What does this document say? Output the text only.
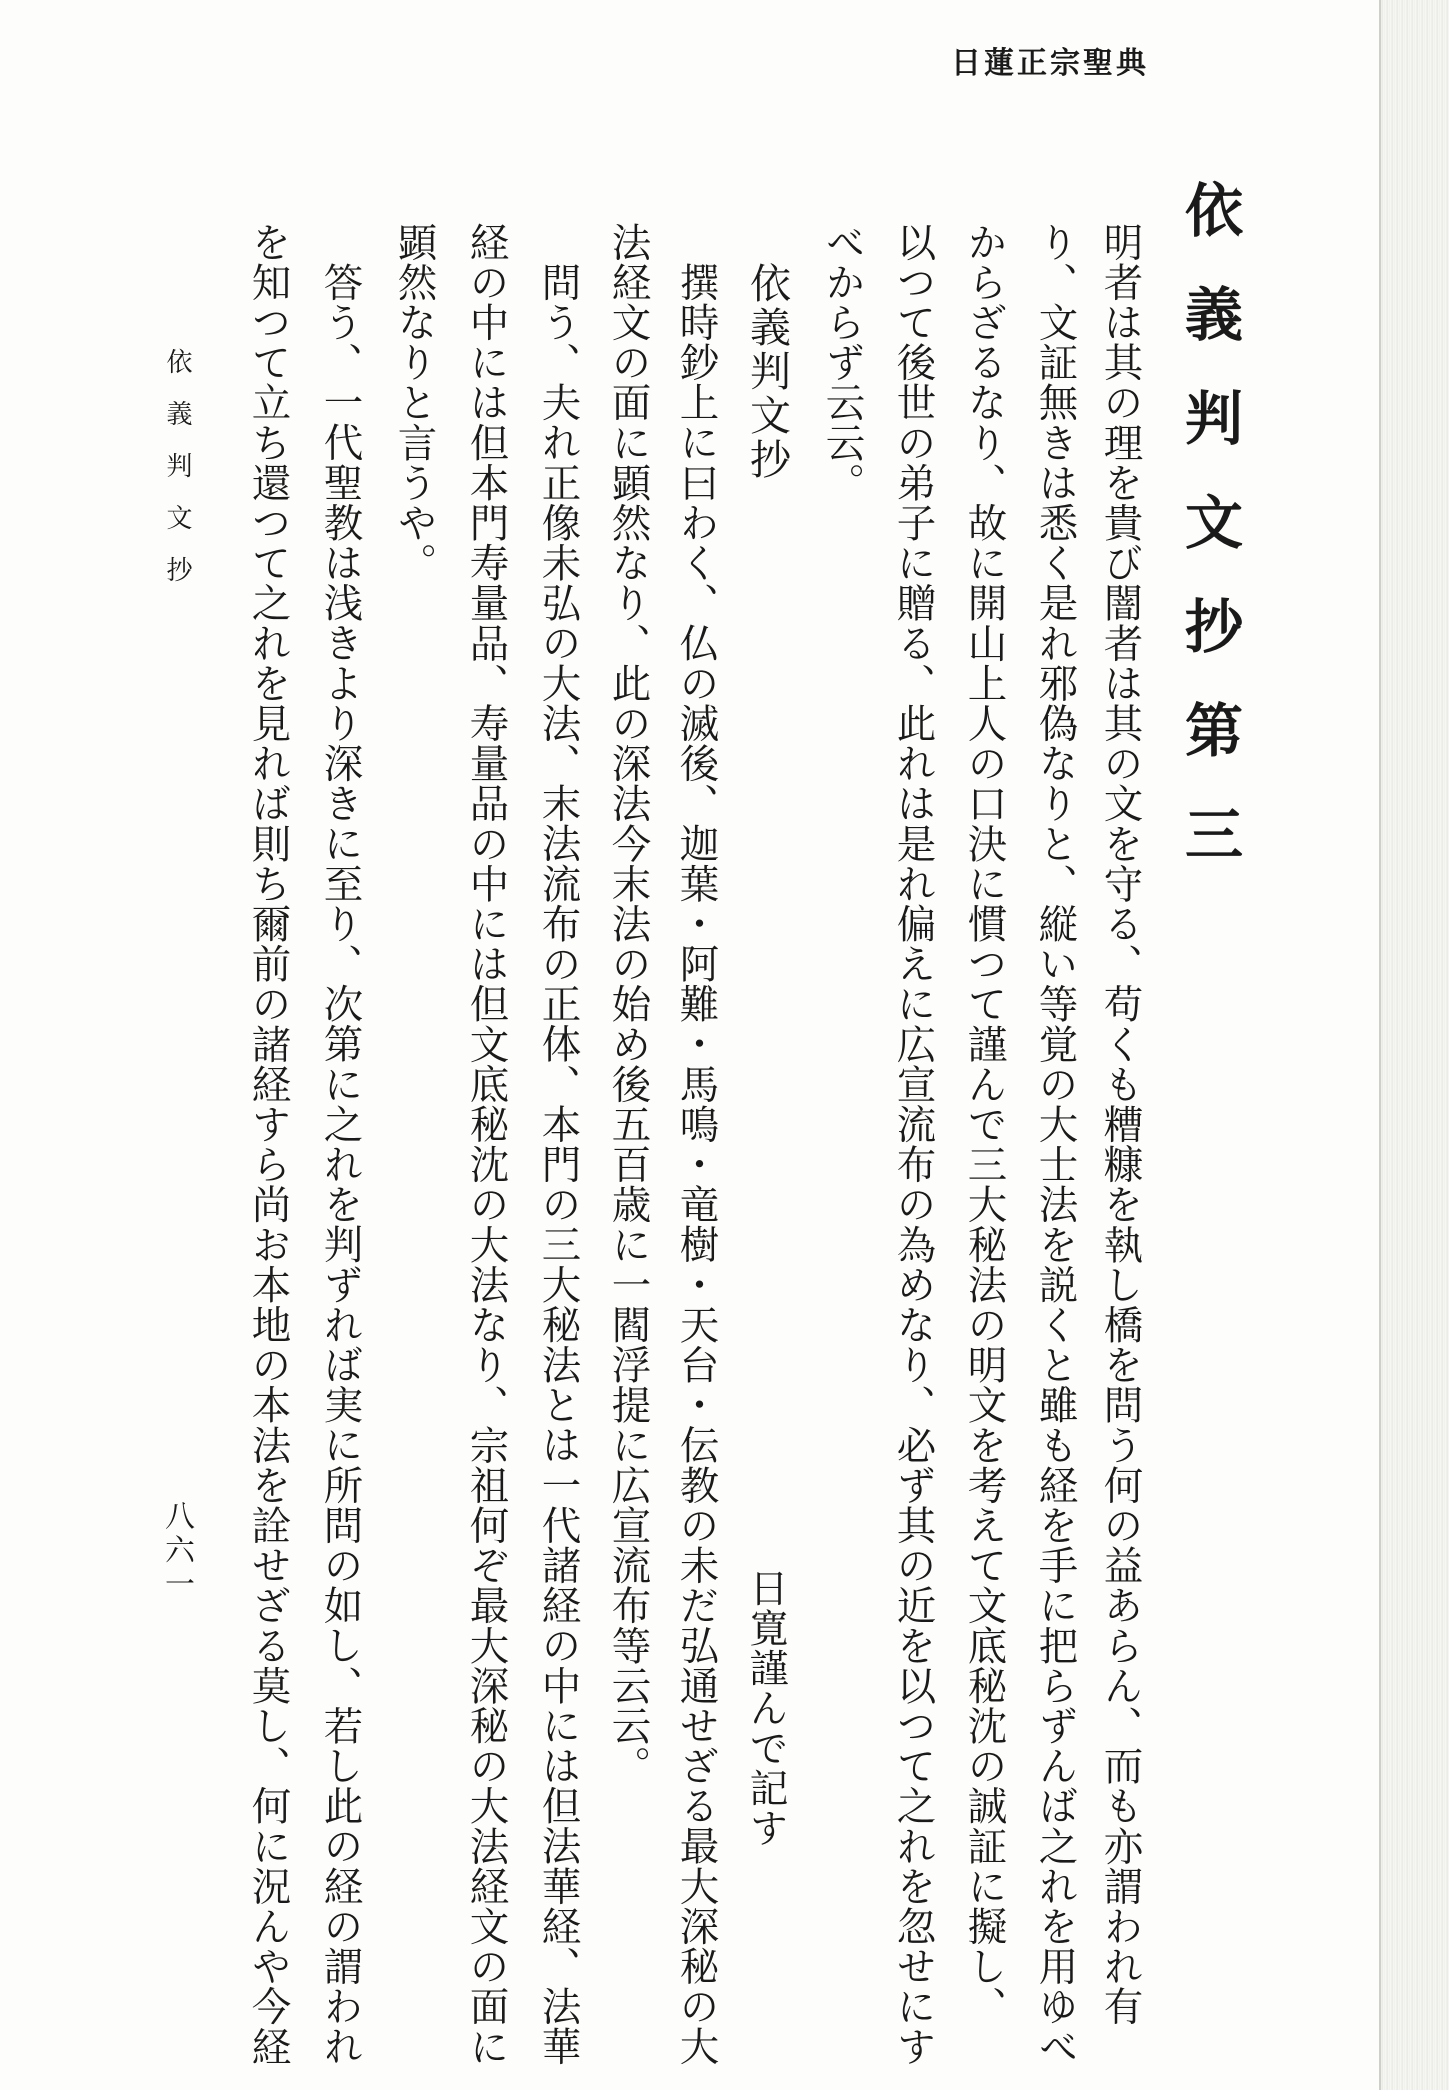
日蓮正宗聖典
依義判文抄第三
明者は其の理を貴び闇者は其の文を守る、苟くも糟糠を執し橋を問う何の益あらん、而も亦謂われ有
り、文証無きは悉く是れ邪偽なりと、縦い等覚の大士法を説くと雖も経を手に把らずんば之れを用ゆべ
からざるなり、故に開山上人の口決に慣つて謹んで三大秘法の明文を考えて文底秘沈の誠証に擬し、
以つて後世の弟子に贈る、此れは是れ偏えに広宣流布の為めなり、必ず其の近を以つて之れを忽せにす
べからず云云。
依義判文抄
日寛謹んで記す
撰時鈔上に曰わく、仏の滅後、迦葉・阿難・馬鳴・竜樹・天台・伝教の未だ弘通せざる最大深秘の大
法経文の面に顕然なり、此の深法今末法の始め後五百歳に一閻浮提に広宣流布等云云。
問う、夫れ正像未弘の大法、末法流布の正体、本門の三大秘法とは一代諸経の中には但法華経、法華
経の中には但本門寿量品、寿量品の中には但文底秘沈の大法なり、宗祖何ぞ最大深秘の大法経文の面に
顕然なりと言うや。
答う、一代聖教は浅きより深きに至り、次第に之れを判ずれば実に所問の如し、若し此の経の謂われ
を知つて立ち還つて之れを見れば則ち爾前の諸経すら尚お本地の本法を詮せざる莫し、何に況んや今経
依義判文抄
八六一
